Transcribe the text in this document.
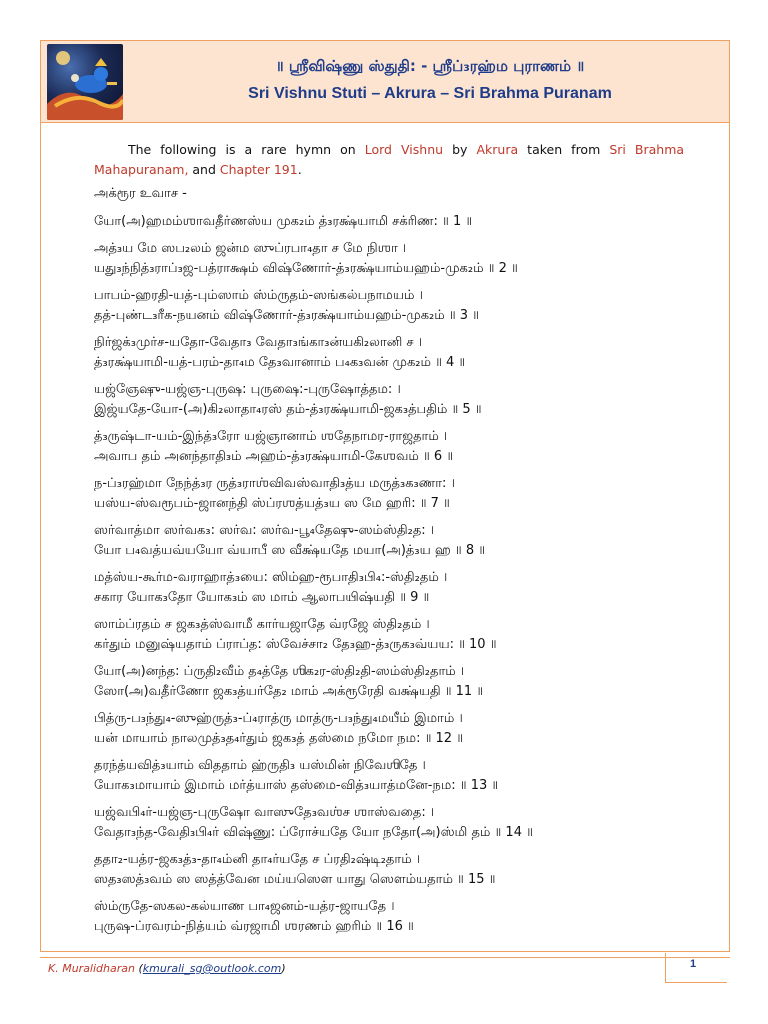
॥ ஶ்ரீவிஷ்ணு ஸ்துதி꞉ - ஶ்ரீப்₃ரஹ்ம புராணம் ॥
Sri Vishnu Stuti – Akrura – Sri Brahma Puranam
The following is a rare hymn on Lord Vishnu by Akrura taken from Sri Brahma Mahapuranam, and Chapter 191.
அக்ரூர உவாச -
யோ(அ)ஹமம்ஶாவதீர்ணஸ்ய முக₂ம் த்₃ரக்ஷ்யாமி சக்ரிண꞉ ॥ 1 ॥
அத்₃ய மே ஸப₂லம் ஜன்ம ஸுப்ரபா₄தா ச மே நிஶா ।
யது₃ந்நித்₃ராப்₃ஜ-பத்ராக்ஷம் விஷ்ணோர்-த்₃ரக்ஷ்யாம்யஹம்-முக₂ம் ॥ 2 ॥
பாபம்-ஹரதி-யத்-பும்ஸாம் ஸ்ம்ருதம்-ஸங்கல்பநாமயம் ।
தத்-புண்ட₃ரீக-நயனம் விஷ்ணோர்-த்₃ரக்ஷ்யாம்யஹம்-முக₂ம் ॥ 3 ॥
நிர்ஜக்₃முர்ச-யதோ-வேதா₃ வேதா₃ங்கா₃ன்யகி₂லானி ச ।
த்₃ரக்ஷ்யாமி-யத்-பரம்-தா₄ம தே₃வானாம் ப₄க₃வன் முக₂ம் ॥ 4 ॥
யஜ்ஞேஷு-யஜ்ஞ-புருஷ꞉ புருஷை꞉-புருஷோத்தம꞉ ।
இஜ்யதே-யோ-(அ)கி₂லாதா₄ரஸ் தம்-த்₃ரக்ஷ்யாமி-ஜக₃த்பதிம் ॥ 5 ॥
த்₃ருஷ்டா-யம்-இந்த்₃ரோ யஜ்ஞானாம் ஶதேநாமர-ராஜதாம் ।
அவாப தம் அனந்தாதி₃ம் அஹம்-த்₃ரக்ஷ்யாமி-கேஶவம் ॥ 6 ॥
ந-ப்₃ரஹ்மா நேந்த்₃ர ருத்₃ராஶ்விவஸ்வாதி₃த்ய மருத்₃க₃ணா꞉ ।
யஸ்ய-ஸ்வரூபம்-ஜானந்தி ஸ்ப்ரஶத்யத்₃ய ஸ மே ஹரி꞉ ॥ 7 ॥
ஸர்வாத்மா ஸர்வக₃꞉ ஸர்வ꞉ ஸர்வ-பூ₄தேஷு-ஸம்ஸ்தி₂த꞉ ।
யோ ப₄வத்யவ்யயோ வ்யாபீ ஸ வீக்ஷ்யதே மயா(அ)த்₃ய ஹ ॥ 8 ॥
மத்ஸ்ய-கூர்ம-வராஹாத்₃யை꞉ ஸிம்ஹ-ரூபாதி₃பி₄꞉-ஸ்தி₂தம் ।
சகார யோக₃தோ யோக₃ம் ஸ மாம் ஆலாபயிஷ்யதி ॥ 9 ॥
ஸாம்ப்ரதம் ச ஜக₃த்ஸ்வாமீ கார்யஜாதே வ்ரஜே ஸ்தி₂தம் ।
கர்தும் மனுஷ்யதாம் ப்ராப்த꞉ ஸ்வேச்சா₂ தே₃ஹ-த்₃ருக₃வ்யய꞉ ॥ 10 ॥
யோ(அ)னந்த꞉ ப்ருதி₂வீம் த₄த்தே ஶிக₂ர-ஸ்தி₂தி-ஸம்ஸ்தி₂தாம் ।
ஸோ(அ)வதீர்ணோ ஜக₃த்யர்தே₂ மாம் அக்ரூரேதி வக்ஷ்யதி ॥ 11 ॥
பித்ரு-ப₃ந்து₄-ஸுஹ்ருத்₃-ப்₄ராத்ரு மாத்ரு-ப₃ந்து₄மயீம் இமாம் ।
யன் மாயாம் நாலமுத்₃த₄ர்தும் ஜக₃த் தஸ்மை நமோ நம꞉ ॥ 12 ॥
தரந்த்யவித்₃யாம் விததாம் ஹ்ருதி₃ யஸ்மின் நிவேஶிதே ।
யோக₃மாயாம் இமாம் மர்த்யாஸ் தஸ்மை-வித்₃யாத்மனே-நம꞉ ॥ 13 ॥
யஜ்வபி₄ர்-யஜ்ஞ-புருஷோ வாஸுதே₃வஶ்ச ஶாஸ்வதை꞉ ।
வேதா₃ந்த-வேதி₃பி₄ர் விஷ்ணு꞉ ப்ரோச்யதே யோ நதோ(அ)ஸ்மி தம் ॥ 14 ॥
ததா₂-யத்ர-ஜக₃த்₃-தா₄ம்னி தா₄ர்யதே ச ப்ரதி₂ஷ்டி₂தாம் ।
ஸத₃ஸத்₃வம் ஸ ஸத்த்வேன மய்யஸௌ யாது ஸௌம்யதாம் ॥ 15 ॥
ஸ்ம்ருதே-ஸகல-கல்யாண பா₄ஜனம்-யத்ர-ஜாயதே ।
புருஷ-ப்ரவரம்-நித்யம் வ்ரஜாமி ஶரணம் ஹரிம் ॥ 16 ॥
K. Muralidharan (kmurali_sg@outlook.com)	1
